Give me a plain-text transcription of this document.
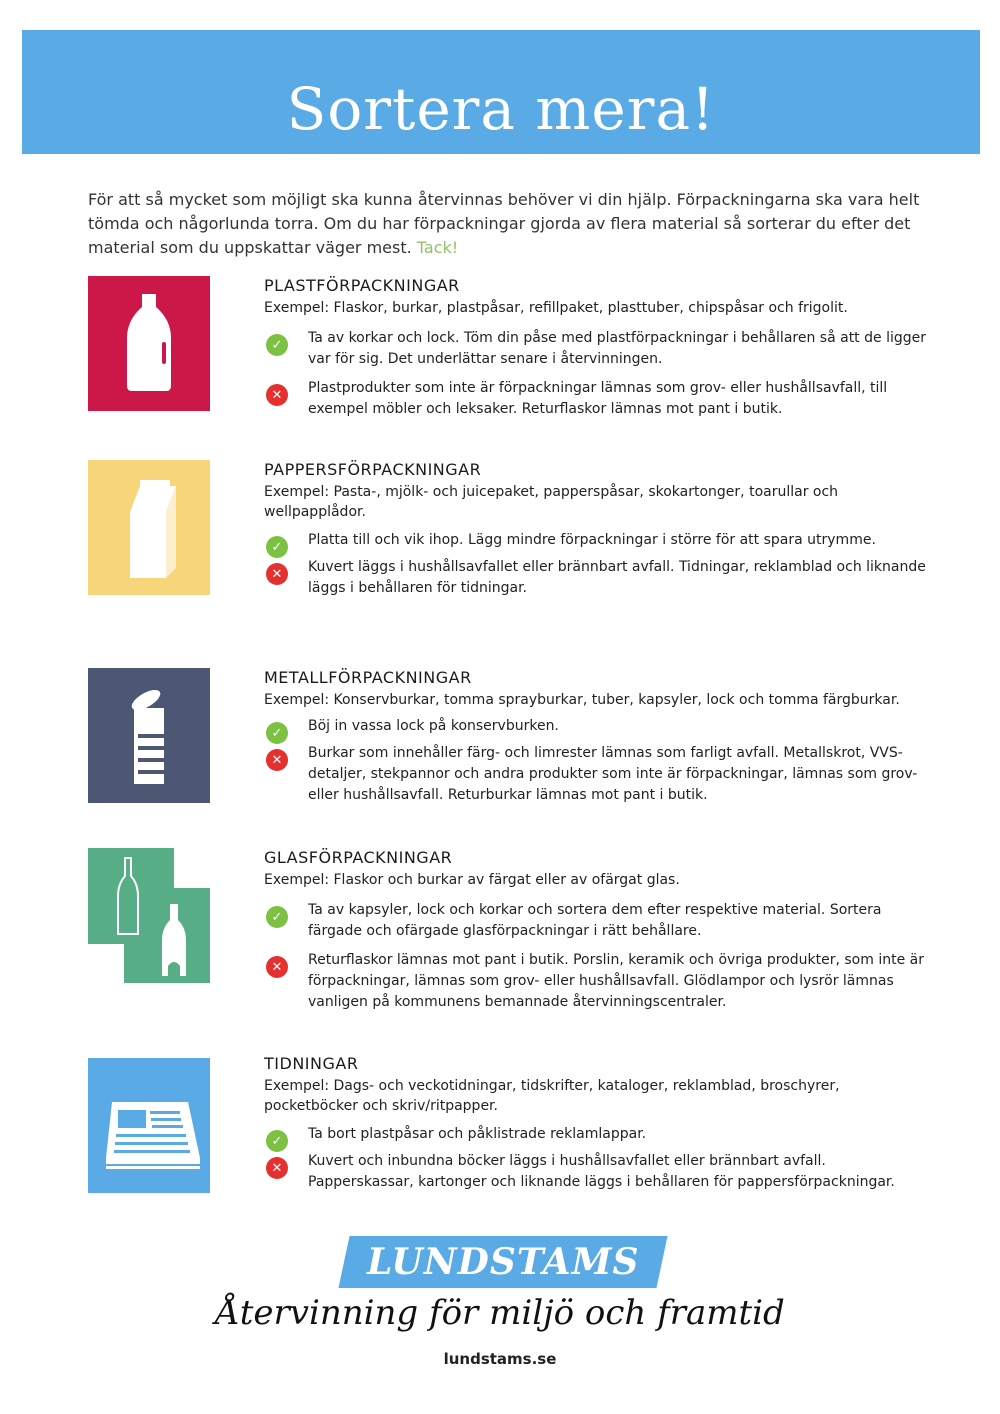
Sortera mera!

För att så mycket som möjligt ska kunna återvinnas behöver vi din hjälp. Förpackningarna ska vara helt tömda och någorlunda torra. Om du har förpackningar gjorda av flera material så sorterar du efter det material som du uppskattar väger mest. Tack!

PLASTFÖRPACKNINGAR
Exempel: Flaskor, burkar, plastpåsar, refillpaket, plasttuber, chipspåsar och frigolit.
✓	Ta av korkar och lock. Töm din påse med plastförpackningar i behållaren så att de ligger var för sig. Det underlättar senare i återvinningen.
✕	Plastprodukter som inte är förpackningar lämnas som grov- eller hushållsavfall, till exempel möbler och leksaker. Returflaskor lämnas mot pant i butik.
PAPPERSFÖRPACKNINGAR
Exempel: Pasta-, mjölk- och juicepaket, papperspåsar, skokartonger, toarullar och wellpapplådor.
✓	Platta till och vik ihop. Lägg mindre förpackningar i större för att spara utrymme.
✕	Kuvert läggs i hushållsavfallet eller brännbart avfall. Tidningar, reklamblad och liknande läggs i behållaren för tidningar.
METALLFÖRPACKNINGAR
Exempel: Konservburkar, tomma sprayburkar, tuber, kapsyler, lock och tomma färgburkar.
✓	Böj in vassa lock på konservburken.
✕	Burkar som innehåller färg- och limrester lämnas som farligt avfall. Metallskrot, VVS-detaljer, stekpannor och andra produkter som inte är förpackningar, lämnas som grov- eller hushållsavfall. Returburkar lämnas mot pant i butik.
GLASFÖRPACKNINGAR
Exempel: Flaskor och burkar av färgat eller av ofärgat glas.
✓	Ta av kapsyler, lock och korkar och sortera dem efter respektive material. Sortera färgade och ofärgade glasförpackningar i rätt behållare.
✕	Returflaskor lämnas mot pant i butik. Porslin, keramik och övriga produkter, som inte är förpackningar, lämnas som grov- eller hushållsavfall. Glödlampor och lysrör lämnas vanligen på kommunens bemannade återvinningscentraler.
TIDNINGAR
Exempel: Dags- och veckotidningar, tidskrifter, kataloger, reklamblad, broschyrer, pocketböcker och skriv/ritpapper.
✓	Ta bort plastpåsar och påklistrade reklamlappar.
✕	Kuvert och inbundna böcker läggs i hushållsavfallet eller brännbart avfall. Papperskassar, kartonger och liknande läggs i behållaren för pappersförpackningar.
LUNDSTAMS
Återvinning för miljö och framtid
lundstams.se
